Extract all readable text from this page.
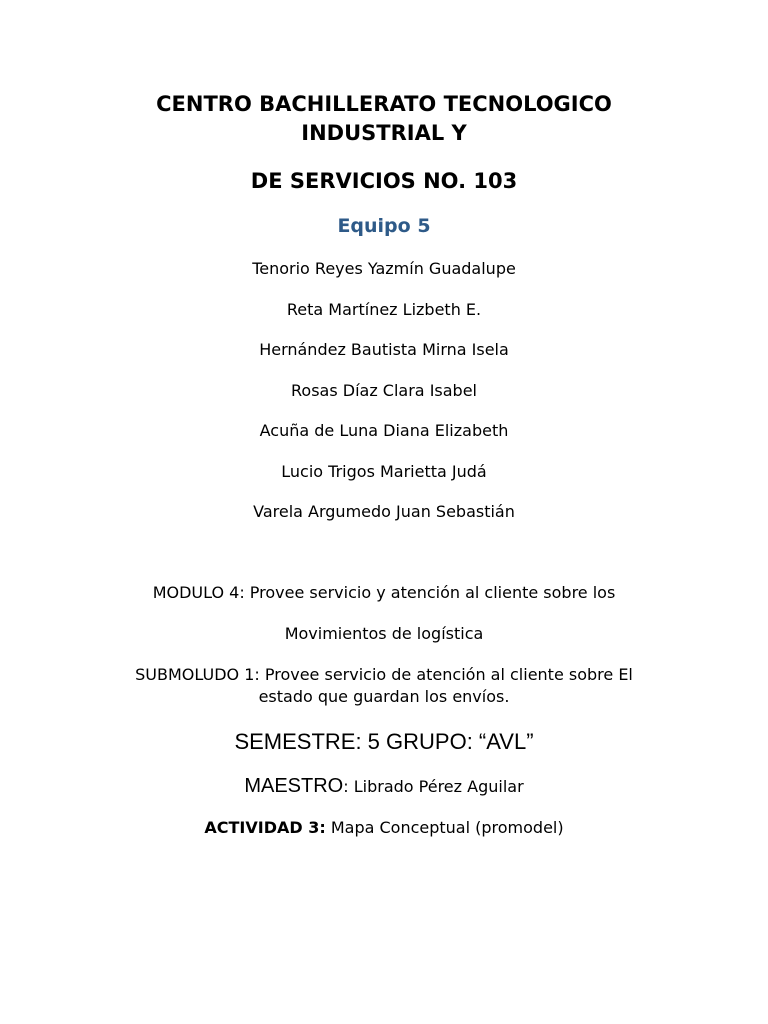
CENTRO BACHILLERATO TECNOLOGICO
INDUSTRIAL Y
DE SERVICIOS NO. 103
Equipo 5
Tenorio Reyes Yazmín Guadalupe
Reta Martínez Lizbeth E.
Hernández Bautista Mirna Isela
Rosas Díaz Clara Isabel
Acuña de Luna Diana Elizabeth
Lucio Trigos Marietta Judá
Varela Argumedo Juan Sebastián
MODULO 4: Provee servicio y atención al cliente sobre los
Movimientos de logística
SUBMOLUDO 1: Provee servicio de atención al cliente sobre El
estado que guardan los envíos.
SEMESTRE: 5 GRUPO: “AVL”
MAESTRO: Librado Pérez Aguilar
ACTIVIDAD 3: Mapa Conceptual (promodel)
